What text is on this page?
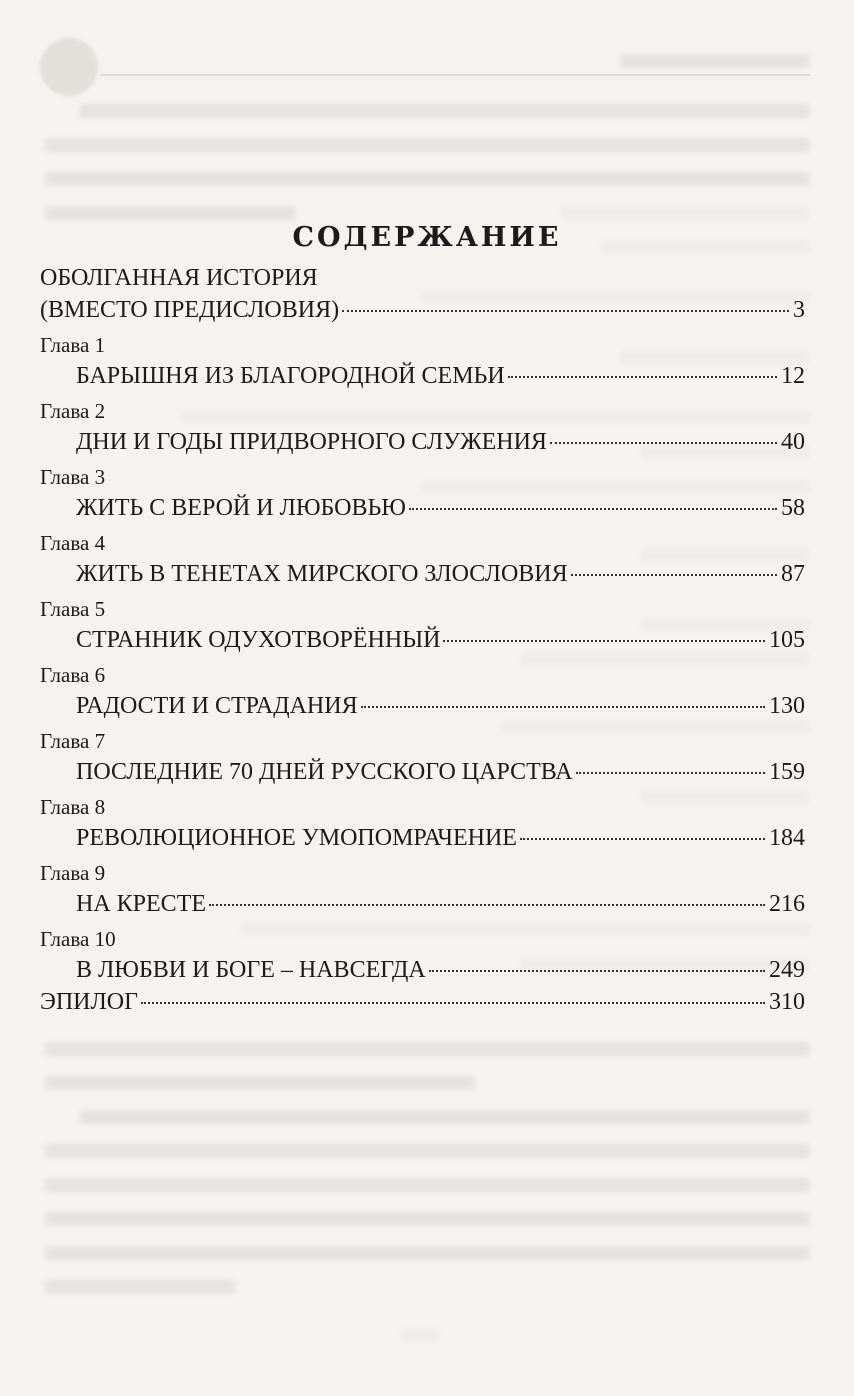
содержание
ОБОЛГАННАЯ ИСТОРИЯ
(ВМЕСТО ПРЕДИСЛОВИЯ)	3
Глава 1
БАРЫШНЯ ИЗ БЛАГОРОДНОЙ СЕМЬИ	12
Глава 2
ДНИ И ГОДЫ ПРИДВОРНОГО СЛУЖЕНИЯ	40
Глава 3
ЖИТЬ С ВЕРОЙ И ЛЮБОВЬЮ	58
Глава 4
ЖИТЬ В ТЕНЕТАХ МИРСКОГО ЗЛОСЛОВИЯ	87
Глава 5
СТРАННИК ОДУХОТВОРЁННЫЙ	105
Глава 6
РАДОСТИ И СТРАДАНИЯ	130
Глава 7
ПОСЛЕДНИЕ 70 ДНЕЙ РУССКОГО ЦАРСТВА	159
Глава 8
РЕВОЛЮЦИОННОЕ УМОПОМРАЧЕНИЕ	184
Глава 9
НА КРЕСТЕ	216
Глава 10
В ЛЮБВИ И БОГЕ – НАВСЕГДА	249
ЭПИЛОГ	310
